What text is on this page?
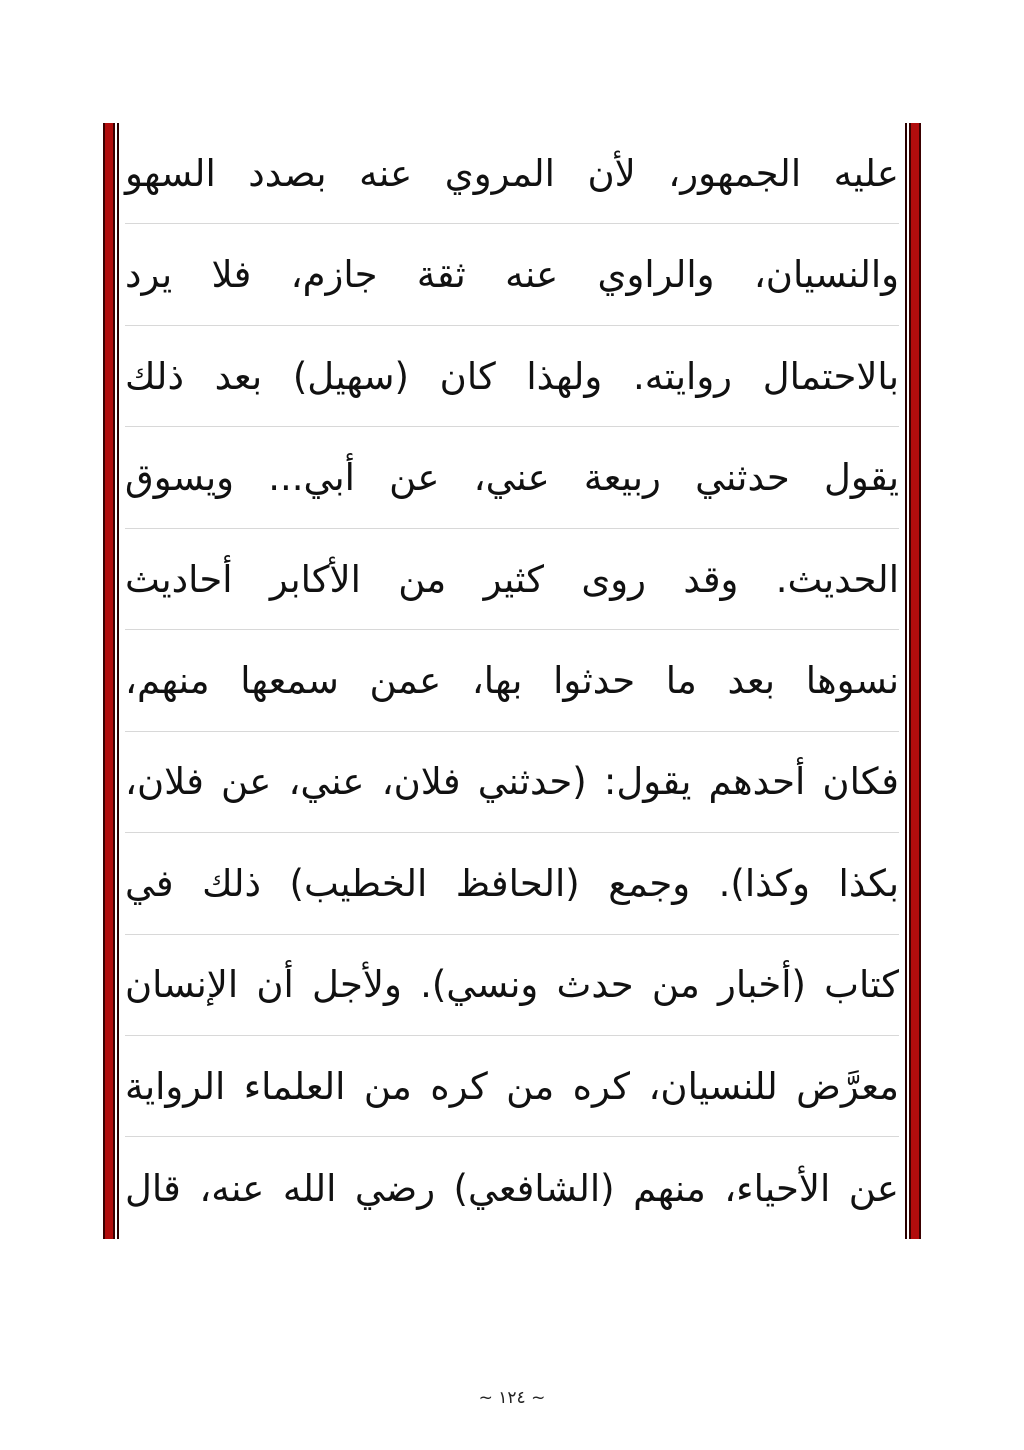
عليه الجمهور، لأن المروي عنه بصدد السهو
والنسيان، والراوي عنه ثقة جازم، فلا يرد
بالاحتمال روايته. ولهذا كان (سهيل) بعد ذلك
يقول حدثني ربيعة عني، عن أبي... ويسوق
الحديث. وقد روى كثير من الأكابر أحاديث
نسوها بعد ما حدثوا بها، عمن سمعها منهم،
فكان أحدهم يقول: (حدثني فلان، عني، عن فلان،
بكذا وكذا). وجمع (الحافظ الخطيب) ذلك في
كتاب (أخبار من حدث ونسي). ولأجل أن الإنسان
معرَّض للنسيان، كره من كره من العلماء الرواية
عن الأحياء، منهم (الشافعي) رضي الله عنه، قال
~ ١٢٤ ~
